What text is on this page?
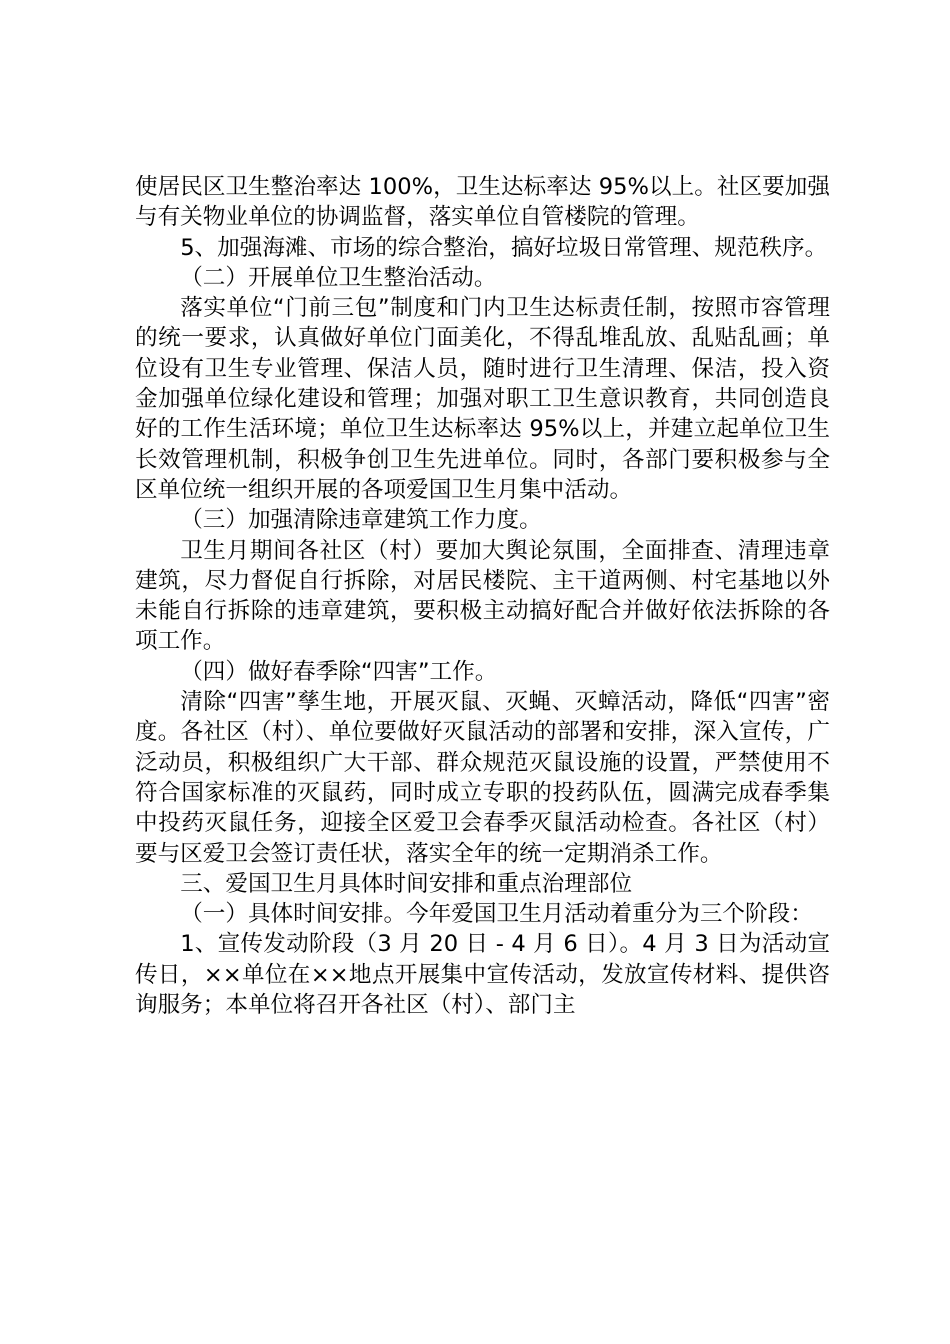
使居民区卫生整治率达 100%，卫生达标率达 95%以上。社区要加强与有关物业单位的协调监督，落实单位自管楼院的管理。

5、加强海滩、市场的综合整治，搞好垃圾日常管理、规范秩序。

（二）开展单位卫生整治活动。

落实单位“门前三包”制度和门内卫生达标责任制，按照市容管理的统一要求，认真做好单位门面美化，不得乱堆乱放、乱贴乱画；单位设有卫生专业管理、保洁人员，随时进行卫生清理、保洁，投入资金加强单位绿化建设和管理；加强对职工卫生意识教育，共同创造良好的工作生活环境；单位卫生达标率达 95%以上，并建立起单位卫生长效管理机制，积极争创卫生先进单位。同时，各部门要积极参与全区单位统一组织开展的各项爱国卫生月集中活动。

（三）加强清除违章建筑工作力度。

卫生月期间各社区（村）要加大舆论氛围，全面排查、清理违章建筑，尽力督促自行拆除，对居民楼院、主干道两侧、村宅基地以外未能自行拆除的违章建筑，要积极主动搞好配合并做好依法拆除的各项工作。

（四）做好春季除“四害”工作。

清除“四害”孳生地，开展灭鼠、灭蝇、灭蟑活动，降低“四害”密度。各社区（村）、单位要做好灭鼠活动的部署和安排，深入宣传，广泛动员，积极组织广大干部、群众规范灭鼠设施的设置，严禁使用不符合国家标准的灭鼠药，同时成立专职的投药队伍，圆满完成春季集中投药灭鼠任务，迎接全区爱卫会春季灭鼠活动检查。各社区（村）要与区爱卫会签订责任状，落实全年的统一定期消杀工作。

三、爱国卫生月具体时间安排和重点治理部位

（一）具体时间安排。今年爱国卫生月活动着重分为三个阶段：

1、宣传发动阶段（3 月 20 日 - 4 月 6 日）。4 月 3 日为活动宣传日，××单位在××地点开展集中宣传活动，发放宣传材料、提供咨询服务；本单位将召开各社区（村）、部门主
